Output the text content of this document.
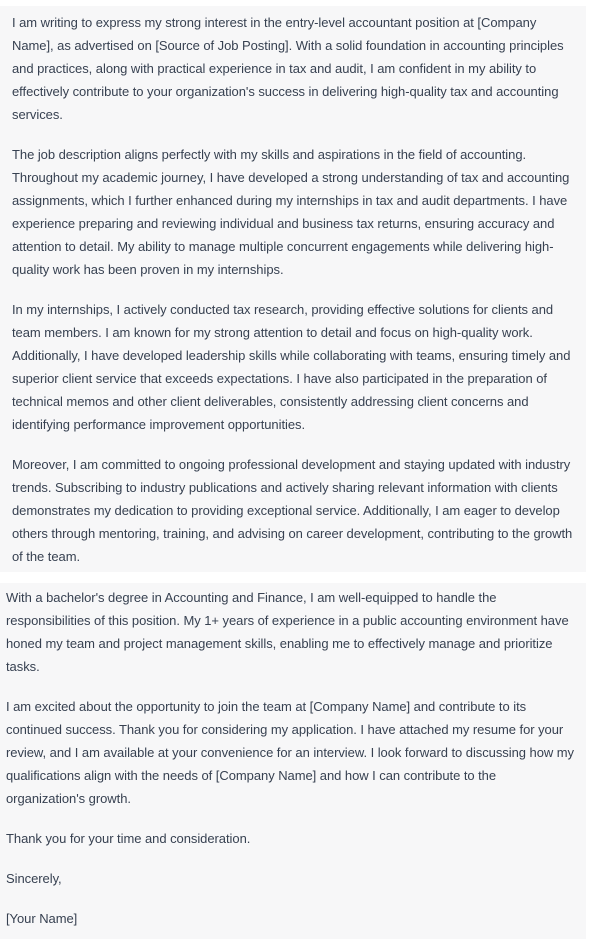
I am writing to express my strong interest in the entry-level accountant position at [Company Name], as advertised on [Source of Job Posting]. With a solid foundation in accounting principles and practices, along with practical experience in tax and audit, I am confident in my ability to effectively contribute to your organization's success in delivering high-quality tax and accounting services.

The job description aligns perfectly with my skills and aspirations in the field of accounting. Throughout my academic journey, I have developed a strong understanding of tax and accounting assignments, which I further enhanced during my internships in tax and audit departments. I have experience preparing and reviewing individual and business tax returns, ensuring accuracy and attention to detail. My ability to manage multiple concurrent engagements while delivering high-quality work has been proven in my internships.

In my internships, I actively conducted tax research, providing effective solutions for clients and team members. I am known for my strong attention to detail and focus on high-quality work. Additionally, I have developed leadership skills while collaborating with teams, ensuring timely and superior client service that exceeds expectations. I have also participated in the preparation of technical memos and other client deliverables, consistently addressing client concerns and identifying performance improvement opportunities.

Moreover, I am committed to ongoing professional development and staying updated with industry trends. Subscribing to industry publications and actively sharing relevant information with clients demonstrates my dedication to providing exceptional service. Additionally, I am eager to develop others through mentoring, training, and advising on career development, contributing to the growth of the team.

With a bachelor's degree in Accounting and Finance, I am well-equipped to handle the responsibilities of this position. My 1+ years of experience in a public accounting environment have honed my team and project management skills, enabling me to effectively manage and prioritize tasks.

I am excited about the opportunity to join the team at [Company Name] and contribute to its continued success. Thank you for considering my application. I have attached my resume for your review, and I am available at your convenience for an interview. I look forward to discussing how my qualifications align with the needs of [Company Name] and how I can contribute to the organization's growth.

Thank you for your time and consideration.

Sincerely,

[Your Name]
